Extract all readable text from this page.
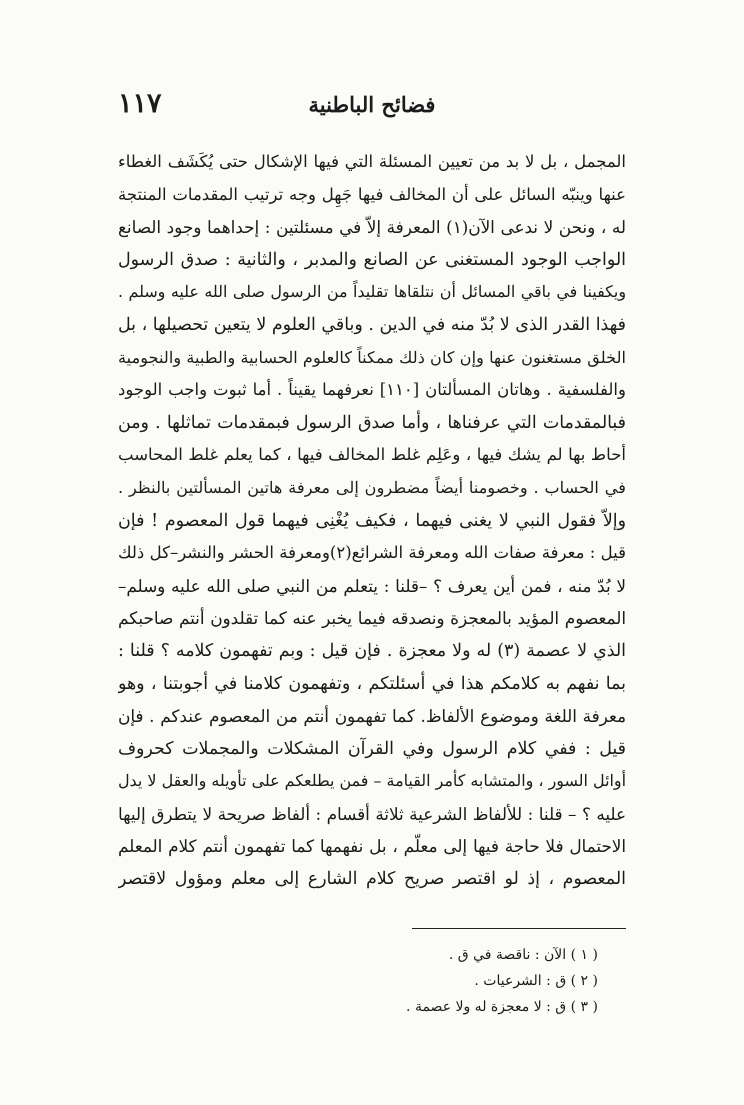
فضائح الباطنية
١١٧
المجمل ، بل لا بد من تعيين المسئلة التي فيها الإشكال حتى يُكَشَف الغطاء
عنها وينبّه السائل على أن المخالف فيها جَهِل وجه ترتيب المقدمات المنتجة
له ، ونحن لا ندعى الآن(١) المعرفة إلاّ في مسئلتين : إحداهما وجود الصانع
الواجب الوجود المستغنى عن الصانع والمدبر ، والثانية : صدق الرسول
ويكفينا في باقي المسائل أن نتلقاها تقليداً من الرسول صلى الله عليه وسلم .
فهذا القدر الذى لا بُدّ منه في الدين . وباقي العلوم لا يتعين تحصيلها ، بل
الخلق مستغنون عنها وإن كان ذلك ممكناً كالعلوم الحسابية والطبية والنجومية
والفلسفية . وهاتان المسألتان [١١٠] نعرفهما يقيناً . أما ثبوت واجب الوجود
فبالمقدمات التي عرفناها ، وأما صدق الرسول فبمقدمات تماثلها . ومن
أحاط بها لم يشك فيها ، وعَلِم غلط المخالف فيها ، كما يعلم غلط المحاسب
في الحساب . وخصومنا أيضاً مضطرون إلى معرفة هاتين المسألتين بالنظر .
وإلاّ فقول النبي لا يغنى فيهما ، فكيف يُغْنِى فيهما قول المعصوم ! فإن
قيل : معرفة صفات الله ومعرفة الشرائع(٢)ومعرفة الحشر والنشر–كل ذلك
لا بُدّ منه ، فمن أين يعرف ؟ –قلنا : يتعلم من النبي صلى الله عليه وسلم–
المعصوم المؤيد بالمعجزة ونصدقه فيما يخبر عنه كما تقلدون أنتم صاحبكم
الذي لا عصمة (٣) له ولا معجزة . فإن قيل : وبم تفهمون كلامه ؟ قلنا :
بما نفهم به كلامكم هذا في أسئلتكم ، وتفهمون كلامنا في أجوبتنا ، وهو
معرفة اللغة وموضوع الألفاظ. كما تفهمون أنتم من المعصوم عندكم . فإن
قيل : ففي كلام الرسول وفي القرآن المشكلات والمجملات كحروف
أوائل السور ، والمتشابه كأمر القيامة – فمن يطلعكم على تأويله والعقل لا يدل
عليه ؟ – قلنا : للألفاظ الشرعية ثلاثة أقسام : ألفاظ صريحة لا يتطرق إليها
الاحتمال فلا حاجة فيها إلى معلّم ، بل نفهمها كما تفهمون أنتم كلام المعلم
المعصوم ، إذ لو اقتصر صريح كلام الشارع إلى معلم ومؤول لاقتصر
( ١ ) الآن : ناقصة في ق .
( ٢ ) ق : الشرعيات .
( ٣ ) ق : لا معجزة له ولا عصمة .
